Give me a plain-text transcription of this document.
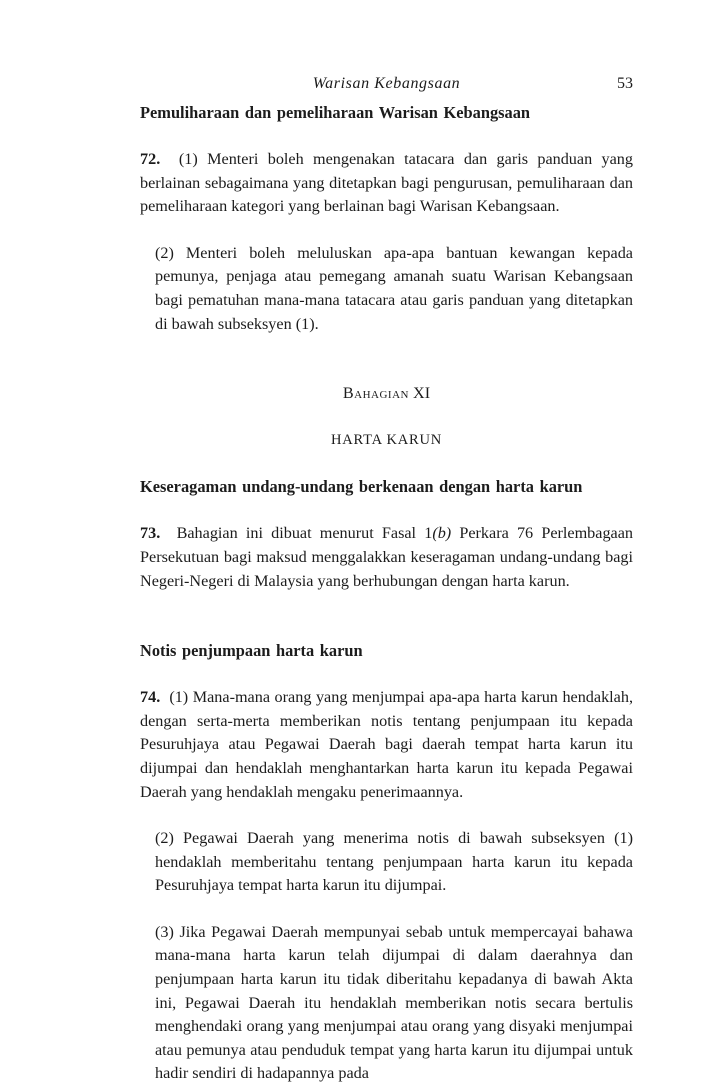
Warisan Kebangsaan	53
Pemuliharaan dan pemeliharaan Warisan Kebangsaan

72. (1) Menteri boleh mengenakan tatacara dan garis panduan yang berlainan sebagaimana yang ditetapkan bagi pengurusan, pemuliharaan dan pemeliharaan kategori yang berlainan bagi Warisan Kebangsaan.

(2) Menteri boleh meluluskan apa-apa bantuan kewangan kepada pemunya, penjaga atau pemegang amanah suatu Warisan Kebangsaan bagi pematuhan mana-mana tatacara atau garis panduan yang ditetapkan di bawah subseksyen (1).

Bahagian XI

HARTA KARUN

Keseragaman undang-undang berkenaan dengan harta karun

73. Bahagian ini dibuat menurut Fasal 1(b) Perkara 76 Perlembagaan Persekutuan bagi maksud menggalakkan keseragaman undang-undang bagi Negeri-Negeri di Malaysia yang berhubungan dengan harta karun.

Notis penjumpaan harta karun

74. (1) Mana-mana orang yang menjumpai apa-apa harta karun hendaklah, dengan serta-merta memberikan notis tentang penjumpaan itu kepada Pesuruhjaya atau Pegawai Daerah bagi daerah tempat harta karun itu dijumpai dan hendaklah menghantarkan harta karun itu kepada Pegawai Daerah yang hendaklah mengaku penerimaannya.

(2) Pegawai Daerah yang menerima notis di bawah subseksyen (1) hendaklah memberitahu tentang penjumpaan harta karun itu kepada Pesuruhjaya tempat harta karun itu dijumpai.

(3) Jika Pegawai Daerah mempunyai sebab untuk mempercayai bahawa mana-mana harta karun telah dijumpai di dalam daerahnya dan penjumpaan harta karun itu tidak diberitahu kepadanya di bawah Akta ini, Pegawai Daerah itu hendaklah memberikan notis secara bertulis menghendaki orang yang menjumpai atau orang yang disyaki menjumpai atau pemunya atau penduduk tempat yang harta karun itu dijumpai untuk hadir sendiri di hadapannya pada
